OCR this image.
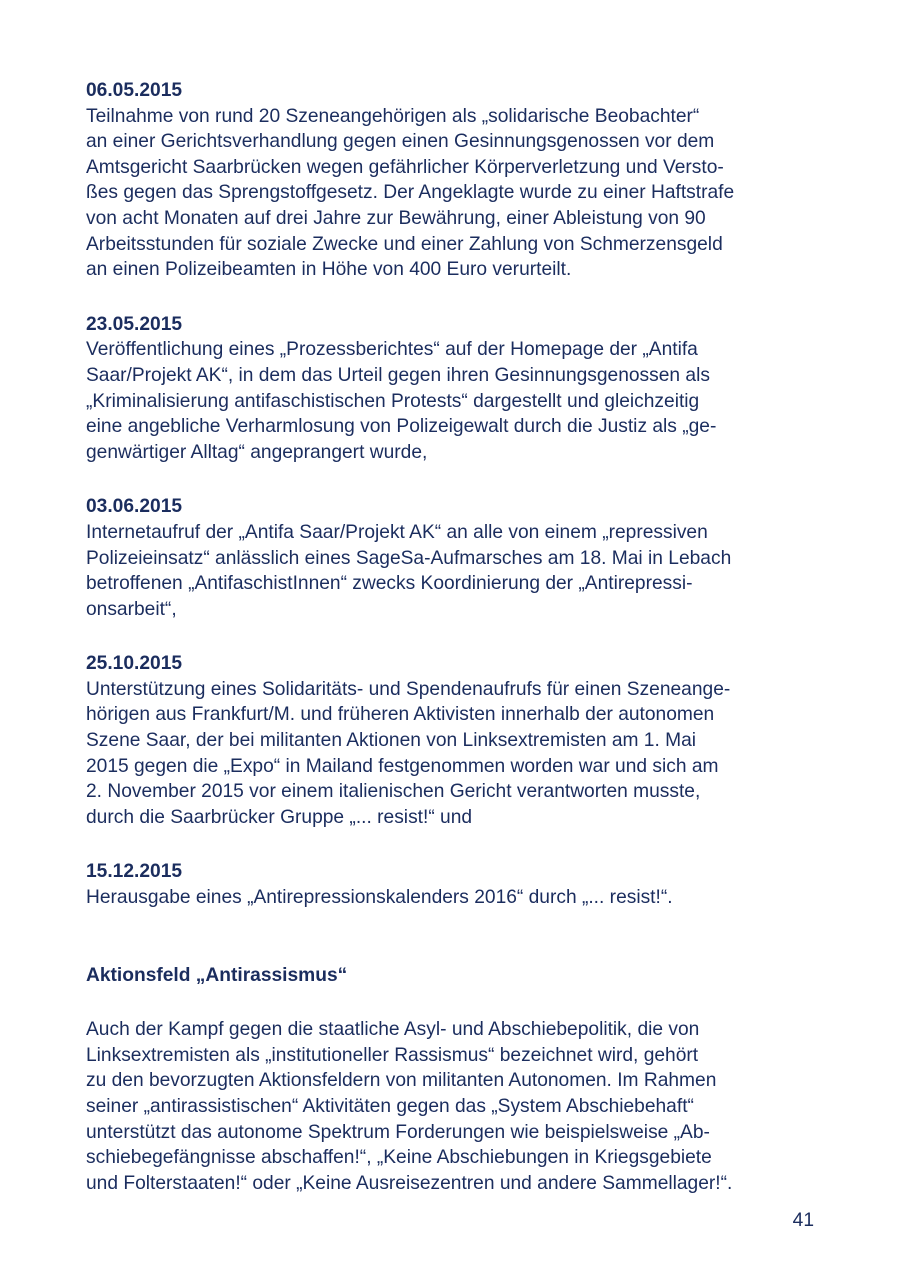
06.05.2015

Teilnahme von rund 20 Szeneangehörigen als „solidarische Beobachter“
an einer Gerichtsverhandlung gegen einen Gesinnungsgenossen vor dem
Amtsgericht Saarbrücken wegen gefährlicher Körperverletzung und Versto-
ßes gegen das Sprengstoffgesetz. Der Angeklagte wurde zu einer Haftstrafe
von acht Monaten auf drei Jahre zur Bewährung, einer Ableistung von 90
Arbeitsstunden für soziale Zwecke und einer Zahlung von Schmerzensgeld
an einen Polizeibeamten in Höhe von 400 Euro verurteilt.

23.05.2015

Veröffentlichung eines „Prozessberichtes“ auf der Homepage der „Antifa
Saar/Projekt AK“, in dem das Urteil gegen ihren Gesinnungsgenossen als
„Kriminalisierung antifaschistischen Protests“ dargestellt und gleichzeitig
eine angebliche Verharmlosung von Polizeigewalt durch die Justiz als „ge-
genwärtiger Alltag“ angeprangert wurde,

03.06.2015

Internetaufruf der „Antifa Saar/Projekt AK“ an alle von einem „repressiven
Polizeieinsatz“ anlässlich eines SageSa-Aufmarsches am 18. Mai in Lebach
betroffenen „AntifaschistInnen“ zwecks Koordinierung der „Antirepressi-
onsarbeit“,

25.10.2015

Unterstützung eines Solidaritäts- und Spendenaufrufs für einen Szeneange-
hörigen aus Frankfurt/M. und früheren Aktivisten innerhalb der autonomen
Szene Saar, der bei militanten Aktionen von Linksextremisten am 1. Mai
2015 gegen die „Expo“ in Mailand festgenommen worden war und sich am
2. November 2015 vor einem italienischen Gericht verantworten musste,
durch die Saarbrücker Gruppe „... resist!“ und

15.12.2015

Herausgabe eines „Antirepressionskalenders 2016“ durch „... resist!“.

Aktionsfeld „Antirassismus“

Auch der Kampf gegen die staatliche Asyl- und Abschiebepolitik, die von
Linksextremisten als „institutioneller Rassismus“ bezeichnet wird, gehört
zu den bevorzugten Aktionsfeldern von militanten Autonomen. Im Rahmen
seiner „antirassistischen“ Aktivitäten gegen das „System Abschiebehaft“
unterstützt das autonome Spektrum Forderungen wie beispielsweise „Ab-
schiebegefängnisse abschaffen!“, „Keine Abschiebungen in Kriegsgebiete
und Folterstaaten!“ oder „Keine Ausreisezentren und andere Sammellager!“.

41
